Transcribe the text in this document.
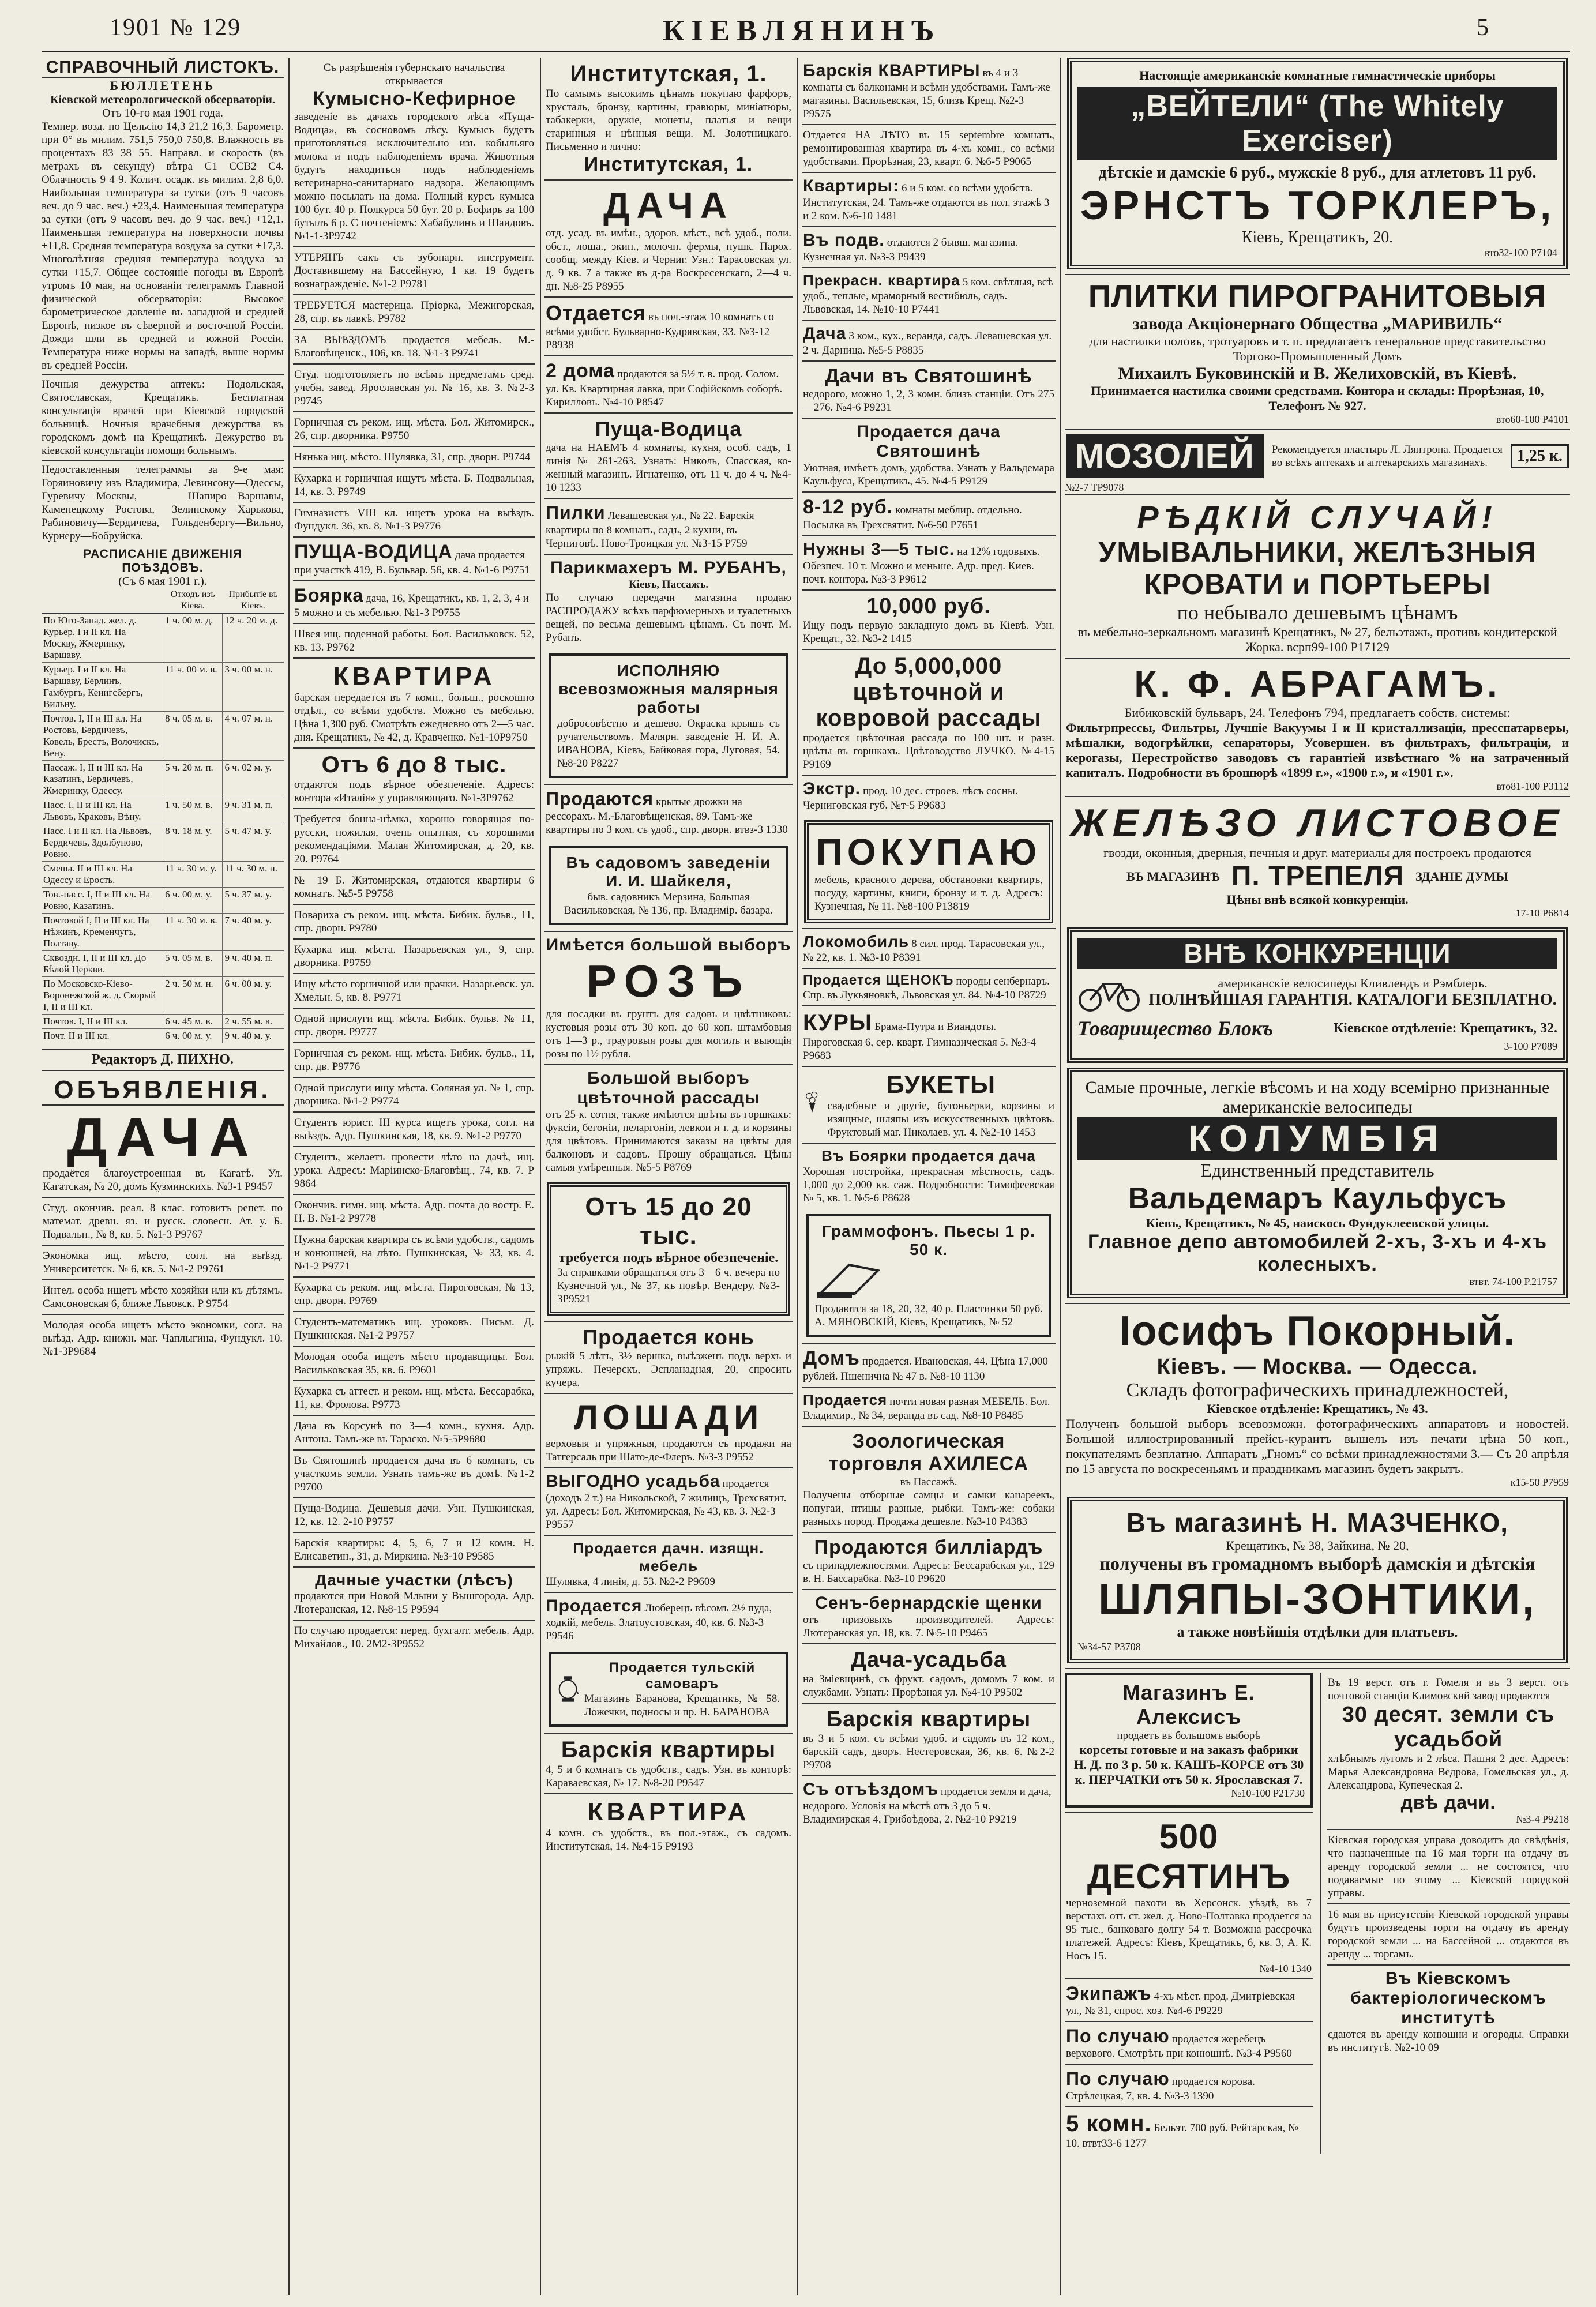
1901 № 129	КІЕВЛЯНИНЪ	5
СПРАВОЧНЫЙ ЛИСТОКЪ.
БЮЛЛЕТЕНЬ
Кіевской метеорологической обсерваторіи.
Отъ 10-го мая 1901 года.
Темпер. возд. по Цельсію 14,3 21,2 16,3. Барометр. при 0° въ милим. 751,5 750,0 750,8. Влажность въ процентахъ 83 38 55. Направл. и скорость (въ метрахъ въ секунду) вѣтра C1 CCВ2 C4. Облачность 9 4 9. Колич. осадк. въ милим. 2,8 6,0. Наибольшая температура за сутки (отъ 9 часовъ веч. до 9 час. веч.) +23,4. Наименьшая температура за сутки (отъ 9 часовъ веч. до 9 час. веч.) +12,1. Наименьшая температура на поверхности почвы +11,8. Средняя температура воздуха за сутки +17,3. Многолѣтняя средняя температура воздуха за сутки +15,7. Общее состояніе погоды въ Европѣ утромъ 10 мая, на основаніи телеграммъ Главной физической обсерваторіи: Высокое барометрическое давленіе въ западной и средней Европѣ, низкое въ сѣверной и восточной Россіи. Дожди шли въ средней и южной Россіи. Температура ниже нормы на западѣ, выше нормы въ средней Россіи.
Ночныя дежурства аптекъ: Подольская, Святославская, Крещатикъ. Бесплатная консультація врачей при Кіевской городской больницѣ. Ночныя врачебныя дежурства въ городскомъ домѣ на Крещатикѣ. Дежурство въ кіевской консультаціи помощи больнымъ.
Недоставленныя телеграммы за 9-е мая: Горяиновичу изъ Владимира, Левинсону—Одессы, Гуревичу—Москвы, Шапиро—Варшавы, Каменецкому—Ростова, Зелинскому—Харькова, Рабиновичу—Бердичева, Гольденбергу—Вильно, Курнеру—Бобруйска.
РАСПИСАНІЕ ДВИЖЕНІЯ ПОѢЗДОВЪ.
(Съ 6 мая 1901 г.).
	Отходъ изъ Кіева.	Прибытіе въ Кіевъ.
По Юго-Запад. жел. д. Курьер. I и II кл. На Москву, Жмеринку, Варшаву.	1 ч. 00 м. д.	12 ч. 20 м. д.
Курьер. I и II кл. На Варшаву, Берлинъ, Гамбургъ, Кенигсбергъ, Вильну.	11 ч. 00 м. в.	3 ч. 00 м. н.
Почтов. I, II и III кл. На Ростовъ, Бердичевъ, Ковель, Брестъ, Волочискъ, Вену.	8 ч. 05 м. в.	4 ч. 07 м. н.
Пассаж. I, II и III кл. На Казатинъ, Бердичевъ, Жмеринку, Одессу.	5 ч. 20 м. п.	6 ч. 02 м. у.
Пасс. I, II и III кл. На Львовъ, Краковъ, Вѣну.	1 ч. 50 м. в.	9 ч. 31 м. п.
Пасс. I и II кл. На Львовъ, Бердичевъ, Здолбуново, Ровно.	8 ч. 18 м. у.	5 ч. 47 м. у.
Смеша. II и III кл. На Одессу и Ерость.	11 ч. 30 м. у.	11 ч. 30 м. н.
Тов.-пасс. I, II и III кл. На Ровно, Казатинъ.	6 ч. 00 м. у.	5 ч. 37 м. у.
Почтовой I, II и III кл. На Нѣжинъ, Кременчугъ, Полтаву.	11 ч. 30 м. в.	7 ч. 40 м. у.
Сквоздн. I, II и III кл. До Бѣлой Церкви.	5 ч. 05 м. в.	9 ч. 40 м. п.
По Московско-Кіево-Воронежской ж. д. Скорый I, II и III кл.	2 ч. 50 м. н.	6 ч. 00 м. у.
Почтов. I, II и III кл.	6 ч. 45 м. в.	2 ч. 55 м. в.
Почт. II и III кл.	6 ч. 00 м. у.	9 ч. 40 м. у.
Редакторъ Д. ПИХНО.
ОБЪЯВЛЕНІЯ.
ДАЧА
продаётся благоустроенная въ Кагатѣ. Ул. Кагатская, № 20, домъ Кузминскихъ. №3-1 P9457
Студ. окончив. реал. 8 клас. готовитъ репет. по математ. древн. яз. и русск. словесн. Ат. у. Б. Подвальн., № 8, кв. 5. №1-3 P9767
Экономка ищ. мѣсто, согл. на выѣзд. Университетск. № 6, кв. 5. №1-2 P9761
Интел. особа ищетъ мѣсто хозяйки или къ дѣтямъ. Самсоновская 6, ближе Львовск. P 9754
Молодая особа ищетъ мѣсто экономки, согл. на выѣзд. Адр. книжн. маг. Чаплыгина, Фундукл. 10. №1-3P9684
Съ разрѣшенія губернскаго начальства открывается
Кумысно-Кефирное
заведеніе въ дачахъ городского лѣса «Пуща-Водица», въ сосновомъ лѣсу. Кумысъ будетъ приготовляться исключительно изъ кобыльяго молока и подъ наблюденіемъ врача. Животныя будутъ находиться подъ наблюденіемъ ветеринарно-санитарнаго надзора. Желающимъ можно посылать на дома. Полный курсъ кумыса 100 бут. 40 р. Полкурса 50 бут. 20 р. Бофирь за 100 бутылъ 6 р. С почтеніемъ: Хабабулинъ и Шаидовъ. №1-1-3P9742
УТЕРЯНЪ сакъ съ зубопарн. инструмент. Доставившему на Бассейную, 1 кв. 19 будетъ вознагражденіе. №1-2 P9781
ТРЕБУЕТСЯ мастерица. Пріорка, Межигорская, 28, спр. въ лавкѣ. P9782
ЗА ВЫѢЗДОМЪ продается мебель. М.-Благовѣщенск., 106, кв. 18. №1-3 P9741
Студ. подготовляетъ по всѣмъ предметамъ сред. учебн. завед. Ярославская ул. № 16, кв. 3. №2-3 P9745
Горничная съ реком. ищ. мѣста. Бол. Житомирск., 26, спр. дворника. P9750
Нянька ищ. мѣсто. Шулявка, 31, спр. дворн. P9744
Кухарка и горничная ищутъ мѣста. Б. Подвальная, 14, кв. 3. P9749
Гимназистъ VIII кл. ищетъ урока на выѣздъ. Фундукл. 36, кв. 8. №1-3 P9776
ПУЩА-ВОДИЦА дача продается при участкѣ 419, В. Бульвар. 56, кв. 4. №1-6 P9751
Боярка дача, 16, Крещатикъ, кв. 1, 2, 3, 4 и 5 можно и съ мебелью. №1-3 P9755
Швея ищ. поденной работы. Бол. Васильковск. 52, кв. 13. P9762
КВАРТИРА
барская передается въ 7 комн., больш., роскошно отдѣл., со всѣми удобств. Можно съ мебелью. Цѣна 1,300 руб. Смотрѣть ежедневно отъ 2—5 час. дня. Крещатикъ, № 42, д. Кравченко. №1-10P9750
Отъ 6 до 8 тыс.
отдаются подъ вѣрное обезпеченіе. Адресъ: контора «Италія» у управляющаго. №1-3P9762
Требуется бонна-нѣмка, хорошо говорящая по-русски, пожилая, очень опытная, съ хорошими рекомендаціями. Малая Житомирская, д. 20, кв. 20. P9764
№ 19 Б. Житомирская, отдаются квартиры 6 комнатъ. №5-5 P9758
Повариха съ реком. ищ. мѣста. Бибик. бульв., 11, спр. дворн. P9780
Кухарка ищ. мѣста. Назарьевская ул., 9, спр. дворника. P9759
Ищу мѣсто горничной или прачки. Назарьевск. ул. Хмельн. 5, кв. 8. P9771
Одной прислуги ищ. мѣста. Бибик. бульв. № 11, спр. дворн. P9777
Горничная съ реком. ищ. мѣста. Бибик. бульв., 11, спр. дв. P9776
Одной прислуги ищу мѣста. Соляная ул. № 1, спр. дворника. №1-2 P9774
Студентъ юрист. III курса ищетъ урока, согл. на выѣздъ. Адр. Пушкинская, 18, кв. 9. №1-2 P9770
Студентъ, желаетъ провести лѣто на дачѣ, ищ. урока. Адресъ: Маріинско-Благовѣщ., 74, кв. 7. P 9864
Окончив. гимн. ищ. мѣста. Адр. почта до востр. Е. Н. В. №1-2 P9778
Нужна барская квартира съ всѣми удобств., садомъ и конюшней, на лѣто. Пушкинская, № 33, кв. 4. №1-2 P9771
Кухарка съ реком. ищ. мѣста. Пироговская, № 13, спр. дворн. P9769
Студентъ-математикъ ищ. уроковъ. Письм. Д. Пушкинская. №1-2 P9757
Молодая особа ищетъ мѣсто продавщицы. Бол. Васильковская 35, кв. 6. P9601
Кухарка съ аттест. и реком. ищ. мѣста. Бессарабка, 11, кв. Фролова. P9773
Дача въ Корсунѣ по 3—4 комн., кухня. Адр. Антона. Тамъ-же въ Тараско. №5-5P9680
Въ Святошинѣ продается дача въ 6 комнатъ, съ участкомъ земли. Узнать тамъ-же въ домѣ. №1-2 P9700
Пуща-Водица. Дешевыя дачи. Узн. Пушкинская, 12, кв. 12. 2-10 P9757
Барскія квартиры: 4, 5, 6, 7 и 12 комн. Н. Елисаветин., 31, д. Миркина. №3-10 P9585
Дачные участки (лѣсъ)
продаются при Новой Млыни у Вышгорода. Адр. Лютеранская, 12. №8-15 P9594
По случаю продается: перед. бухгалт. мебель. Адр. Михайлов., 10. 2М2-3P9552
Институтская, 1.
По самымъ высокимъ цѣнамъ покупаю фарфоръ, хрусталь, бронзу, картины, гравюры, миніатюры, табакерки, оружіе, монеты, платья и вещи старинныя и цѣнныя вещи. М. Золотницкаго. Письменно и лично:
Институтская, 1.
ДАЧА
отд. усад. въ имѣн., здоров. мѣст., всѣ удоб., поли. обст., лоша., экип., молочн. фермы, пушк. Парох. сообщ. между Кіев. и Черниг. Узн.: Тарасовская ул. д. 9 кв. 7 а также въ д-ра Воскресенскаго, 2—4 ч. дн. №8-25 P8955
Отдается въ пол.-этаж 10 комнатъ со всѣми удобст. Бульварно-Кудрявская, 33. №3-12 P8938
2 дома продаются за 5½ т. в. прод. Солом. ул. Кв. Квартирная лавка, при Софійскомъ соборѣ. Кирилловъ. №4-10 P8547
Пуща-Водица
дача на НАЕМЪ 4 комнаты, кухня, особ. садъ, 1 линія № 261-263. Узнать: Николь, Спасская, ко-женный магазинъ. Игнатенко, отъ 11 ч. до 4 ч. №4-10 1233
Пилки Левашевская ул., № 22. Барскія квартиры по 8 комнатъ, садъ, 2 кухни, въ Черниговѣ. Ново-Троицкая ул. №3-15 P759
Парикмахеръ М. РУБАНЪ,
Кіевъ, Пассажъ.
По случаю передачи магазина продаю РАСПРОДАЖУ всѣхъ парфюмерныхъ и туалетныхъ вещей, по весьма дешевымъ цѣнамъ. Съ почт. М. Рубанъ.
ИСПОЛНЯЮ всевозможныя малярныя работы
добросовѣстно и дешево. Окраска крышъ съ ручательствомъ. Малярн. заведеніе Н. И. А. ИВАНОВА, Кіевъ, Байковая гора, Луговая, 54. №8-20 P8227
Продаются крытые дрожки на рессорахъ. М.-Благовѣщенская, 89. Тамъ-же квартиры по 3 ком. съ удоб., спр. дворн. втвз-3 1330
Въ садовомъ заведеніи И. И. Шайкеля,
быв. садовникъ Мерзина, Большая Васильковская, № 136, пр. Владимір. базара.
Имѣется большой выборъ
РОЗЪ
для посадки въ грунтъ для садовъ и цвѣтниковъ: кустовыя розы отъ 30 коп. до 60 коп. штамбовыя отъ 1—3 р., трауровыя розы для могилъ и выющія розы по 1½ рубля.
Большой выборъ цвѣточной рассады
отъ 25 к. сотня, также имѣются цвѣты въ горшкахъ: фуксіи, бегоніи, пеларгоніи, левкои и т. д. и корзины для цвѣтовъ. Принимаются заказы на цвѣты для балконовъ и садовъ. Прошу обращаться. Цѣны самыя умѣренныя. №5-5 P8769
Отъ 15 до 20 тыс.
требуется подъ вѣрное обезпеченіе.
За справками обращаться отъ 3—6 ч. вечера по Кузнечной ул., № 37, къ повѣр. Вендеру. №3-3P9521
Продается конь
рыжій 5 лѣтъ, 3½ вершка, выѣзженъ подъ верхъ и упряжь. Печерскъ, Эспланадная, 20, спросить кучера.
ЛОШАДИ
верховыя и упряжныя, продаются съ продажи на Татгерсаль при Шато-де-Флеръ. №3-3 P9552
ВЫГОДНО усадьба продается (доходъ 2 т.) на Никольской, 7 жилищъ, Трехсвятит. ул. Адресъ: Бол. Житомирская, № 43, кв. 3. №2-3 P9557
Продается дачн. изящн. мебель
Шулявка, 4 линія, д. 53. №2-2 P9609
Продается Люберецъ вѣсомъ 2½ пуда, ходкій, мебель. Златоустовская, 40, кв. 6. №3-3 P9546
Продается тульскій самоваръ
Магазинъ Барановa, Крещатикъ, № 58. Ложечки, подносы и пр. Н. БАРАНОВА
Барскія квартиры
4, 5 и 6 комнатъ съ удобств., садъ. Узн. въ конторѣ: Караваевская, № 17. №8-20 P9547
КВАРТИРА
4 комн. съ удобств., въ пол.-этаж., съ садомъ. Институтская, 14. №4-15 P9193
Барскія КВАРТИРЫ въ 4 и 3 комнаты съ балконами и всѣми удобствами. Тамъ-же магазины. Васильевская, 15, близъ Крещ. №2-3 P9575
Отдается НА ЛѢТО въ 15 septembre комнатъ, ремонтированная квартира въ 4-хъ комн., со всѣми удобствами. Прорѣзная, 23, кварт. 6. №6-5 P9065
Квартиры: 6 и 5 ком. со всѣми удобств. Институтская, 24. Тамъ-же отдаются въ пол. этажѣ 3 и 2 ком. №6-10 1481
Въ подв. отдаются 2 бывш. магазина. Кузнечная ул. №3-3 P9439
Прекрасн. квартира 5 ком. свѣтлыя, всѣ удоб., теплые, мраморный вестибюль, садъ. Львовская, 14. №10-10 P7441
Дача 3 ком., кух., веранда, садъ. Левашевская ул. 2 ч. Дарница. №5-5 P8835
Дачи въ Святошинѣ
недорого, можно 1, 2, 3 комн. близъ станціи. Отъ 275—276. №4-6 P9231
Продается дача Святошинѣ
Уютная, имѣетъ домъ, удобства. Узнать у Вальдемара Каульфуса, Крещатикъ, 45. №4-5 P9129
8-12 руб. комнаты меблир. отдельно. Посылка въ Трехсвятит. №6-50 P7651
Нужны 3—5 тыс. на 12% годовыхъ. Обезпеч. 10 т. Можно и меньше. Адр. пред. Киев. почт. контора. №3-3 P9612
10,000 руб.
Ищу подъ первую закладную домъ въ Кіевѣ. Узн. Крещат., 32. №3-2 1415
До 5,000,000 цвѣточной и ковровой рассады
продается цвѣточная рассада по 100 шт. и разн. цвѣты въ горшкахъ. Цвѣтоводство ЛУЧКО. №4-15 P9169
Экстр. прод. 10 дес. строев. лѣсъ сосны. Черниговская губ. №т-5 P9683
ПОКУПАЮ
мебель, красного дерева, обстановки квартиръ, посуду, картины, книги, бронзу и т. д. Адресъ: Кузнечная, № 11. №8-100 P13819
Локомобиль 8 сил. прод. Тарасовская ул., № 22, кв. 1. №3-10 P8391
Продается ЩЕНОКЪ породы сенбернаръ. Спр. въ Лукьяновкѣ, Львовская ул. 84. №4-10 P8729
КУРЫ Брама-Путра и Виандоты. Пироговская 6, сер. кварт. Гимназическая 5. №3-4 P9683
БУКЕТЫ
свадебные и другіе, бутоньерки, корзины и изящные, шляпы изъ искусственныхъ цвѣтовъ. Фруктовый маг. Николаев. ул. 4. №2-10 1453
Въ Боярки продается дача
Хорошая постройка, прекрасная мѣстность, садъ. 1,000 до 2,000 кв. саж. Подробности: Тимофеевская № 5, кв. 1. №5-6 P8628
Граммофонъ. Пьесы 1 р. 50 к.
Продаются за 18, 20, 32, 40 р. Пластинки 50 руб. А. МЯНОВСКІЙ, Кіевъ, Крещатикъ, № 52
Домъ продается. Ивановская, 44. Цѣна 17,000 рублей. Пшенична № 47 в. №8-10 1130
Продается почти новая разная МЕБЕЛЬ. Бол. Владимир., № 34, веранда въ сад. №8-10 P8485
Зоологическая торговля АХИЛЕСА
въ Пассажѣ.
Получены отборные самцы и самки канареекъ, попугаи, птицы разные, рыбки. Тамъ-же: собаки разныхъ пород. Продажа дешевле. №3-10 P4383
Продаются билліардъ
съ принадлежностями. Адресъ: Бессарабская ул., 129 в. Н. Бассарабка. №3-10 P9620
Сенъ-бернардскіе щенки
отъ призовыхъ производителей. Адресъ: Лютеранская ул. 18, кв. 7. №5-10 P9465
Дача-усадьба
на Зміевщинѣ, съ фрукт. садомъ, домомъ 7 ком. и службами. Узнать: Прорѣзная ул. №4-10 P9502
Барскія квартиры
въ 3 и 5 ком. съ всѣми удоб. и садомъ въ 12 ком., барскій садъ, дворъ. Нестеровская, 36, кв. 6. №2-2 P9708
Съ отъѣздомъ продается земля и дача, недорого. Условія на мѣстѣ отъ 3 до 5 ч. Владимирская 4, Грибоѣдова, 2. №2-10 P9219
Настоящіе американскіе комнатные гимнастическіе приборы
„ВЕЙТЕЛИ“ (The Whitely Exerciser)
дѣтскіе и дамскіе 6 руб., мужскіе 8 руб., для атлетовъ 11 руб.
ЭРНСТЪ ТОРКЛЕРЪ,
Кіевъ, Крещатикъ, 20.
вто32-100 P7104
ПЛИТКИ ПИРОГРАНИТОВЫЯ
завода Акціонернаго Общества „МАРИВИЛЬ“
для настилки половъ, тротуаровъ и т. п. предлагаетъ генеральное представительство Торгово-Промышленный Домъ
Михаилъ Буковинскій и В. Желиховскій, въ Кіевѣ.
Принимается настилка своими средствами. Контора и склады: Прорѣзная, 10, Телефонъ № 927.
вто60-100 P4101
МОЗОЛЕЙ	Рекомендуется пластырь Л. Лянтропа. Продается во всѣхъ аптекахъ и аптекарскихъ магазинахъ.	1,25 к.
№2-7 TP9078
РѢДКІЙ СЛУЧАЙ!
УМЫВАЛЬНИКИ, ЖЕЛѢЗНЫЯ КРОВАТИ и ПОРТЬЕРЫ
по небывало дешевымъ цѣнамъ
въ мебельно-зеркальномъ магазинѣ Крещатикъ, № 27, бельэтажъ, противъ кондитерской Жорка. всрп99-100 P17129
К. Ф. АБРАГАМЪ.
Бибиковскій бульваръ, 24. Телефонъ 794, предлагаетъ собств. системы:
Фильтрпрессы, Фильтры, Лучшіе Вакуумы I и II кристаллизаціи, пресспатарверы, мѣшалки, водогрѣйлки, сепараторы, Усовершен. въ фильтрахъ, фильтраціи, и керогазы, Перестройство заводовъ съ гарантіей извѣстнаго % на затраченный капиталъ. Подробности въ брошюрѣ «1899 г.», «1900 г.», и «1901 г.».
вто81-100 P3112
ЖЕЛѢЗО ЛИСТОВОЕ
гвозди, оконныя, дверныя, печныя и друг. материалы для построекъ продаются
ВЪ МАГАЗИНѢ П. ТРЕПЕЛЯ ЗДАНІЕ ДУМЫ
Цѣны внѣ всякой конкуренціи.
17-10 P6814
ВНѢ КОНКУРЕНЦІИ
американскіе велосипеды Кливлендъ и Рэмблеръ.
ПОЛНѢЙШАЯ ГАРАНТІЯ. КАТАЛОГИ БЕЗПЛАТНО.
Товарищество Блокъ	Кіевское отдѣленіе: Крещатикъ, 32.
3-100 P7089
Самые прочные, легкіе вѣсомъ и на ходу всемірно признанные американскіе велосипеды
КОЛУМБІЯ
Единственный представитель
Вальдемаръ Каульфусъ
Кіевъ, Крещатикъ, № 45, наискось Фундуклеевской улицы.
Главное депо автомобилей 2-хъ, 3-хъ и 4-хъ колесныхъ.
втвт. 74-100 P.21757
Іосифъ Покорный.
Кіевъ. — Москва. — Одесса.
Складъ фотографическихъ принадлежностей,
Кіевское отдѣленіе: Крещатикъ, № 43.
Полученъ большой выборъ всевозможн. фотографическихъ аппаратовъ и новостей. Большой иллюстрированный прейсъ-курантъ вышелъ изъ печати цѣна 50 коп., покупателямъ безплатно. Аппаратъ „Гномъ“ со всѣми принадлежностями 3.— Съ 20 апрѣля по 15 августа по воскресеньямъ и праздникамъ магазинъ будетъ закрытъ.
к15-50 P7959
Въ магазинѣ Н. МАЗЧЕНКО,
Крещатикъ, № 38, Зайкина, № 20,
получены въ громадномъ выборѣ дамскія и дѣтскія
ШЛЯПЫ-ЗОНТИКИ,
а также новѣйшія отдѣлки для платьевъ.
№34-57 P3708
Магазинъ Е. Алексисъ
продаетъ въ большомъ выборѣ
корсеты готовые и на заказъ фабрики Н. Д. по 3 р. 50 к. КАШЪ-КОРСЕ отъ 30 к. ПЕРЧАТКИ отъ 50 к. Ярославская 7.
№10-100 P21730
500 ДЕСЯТИНЪ
черноземной пахоти въ Херсонск. уѣздѣ, въ 7 верстахъ отъ ст. жел. д. Ново-Полтавка продается за 95 тыс., банковаго долгу 54 т. Возможна рассрочка платежей. Адресъ: Кіевъ, Крещатикъ, 6, кв. 3, А. К. Носъ 15.
№4-10 1340
Экипажъ 4-хъ мѣст. прод. Дмитріевская ул., № 31, спрос. хоз. №4-6 P9229
По случаю продается жеребецъ верхового. Смотрѣть при конюшнѣ. №3-4 P9560
По случаю продается корова. Стрѣлецкая, 7, кв. 4. №3-3 1390
5 комн. Бельэт. 700 руб. Рейтарская, № 10. втвт33-6 1277
Въ 19 верст. отъ г. Гомеля и въ 3 верст. отъ почтовой станціи Климовский завод продаются
30 десят. земли съ усадьбой
хлѣбнымъ лугомъ и 2 лѣса. Пашня 2 дес. Адресъ: Марья Александровна Ведрова, Гомельская ул., д. Александрова, Купеческая 2.
двѣ дачи.
№3-4 P9218
Кіевская городская управа доводитъ до свѣдѣнія, что назначенные на 16 мая торги на отдачу въ аренду городской земли ... не состоятся, что подаваемые по этому ... Кіевской городской управы.
16 мая въ присутствіи Кіевской городской управы будутъ произведены торги на отдачу въ аренду городской земли ... на Бассейной ... отдаются въ аренду ... торгамъ.
Въ Кіевскомъ бактеріологическомъ институтѣ
сдаются въ аренду конюшни и огороды. Справки въ институтѣ. №2-10 09
